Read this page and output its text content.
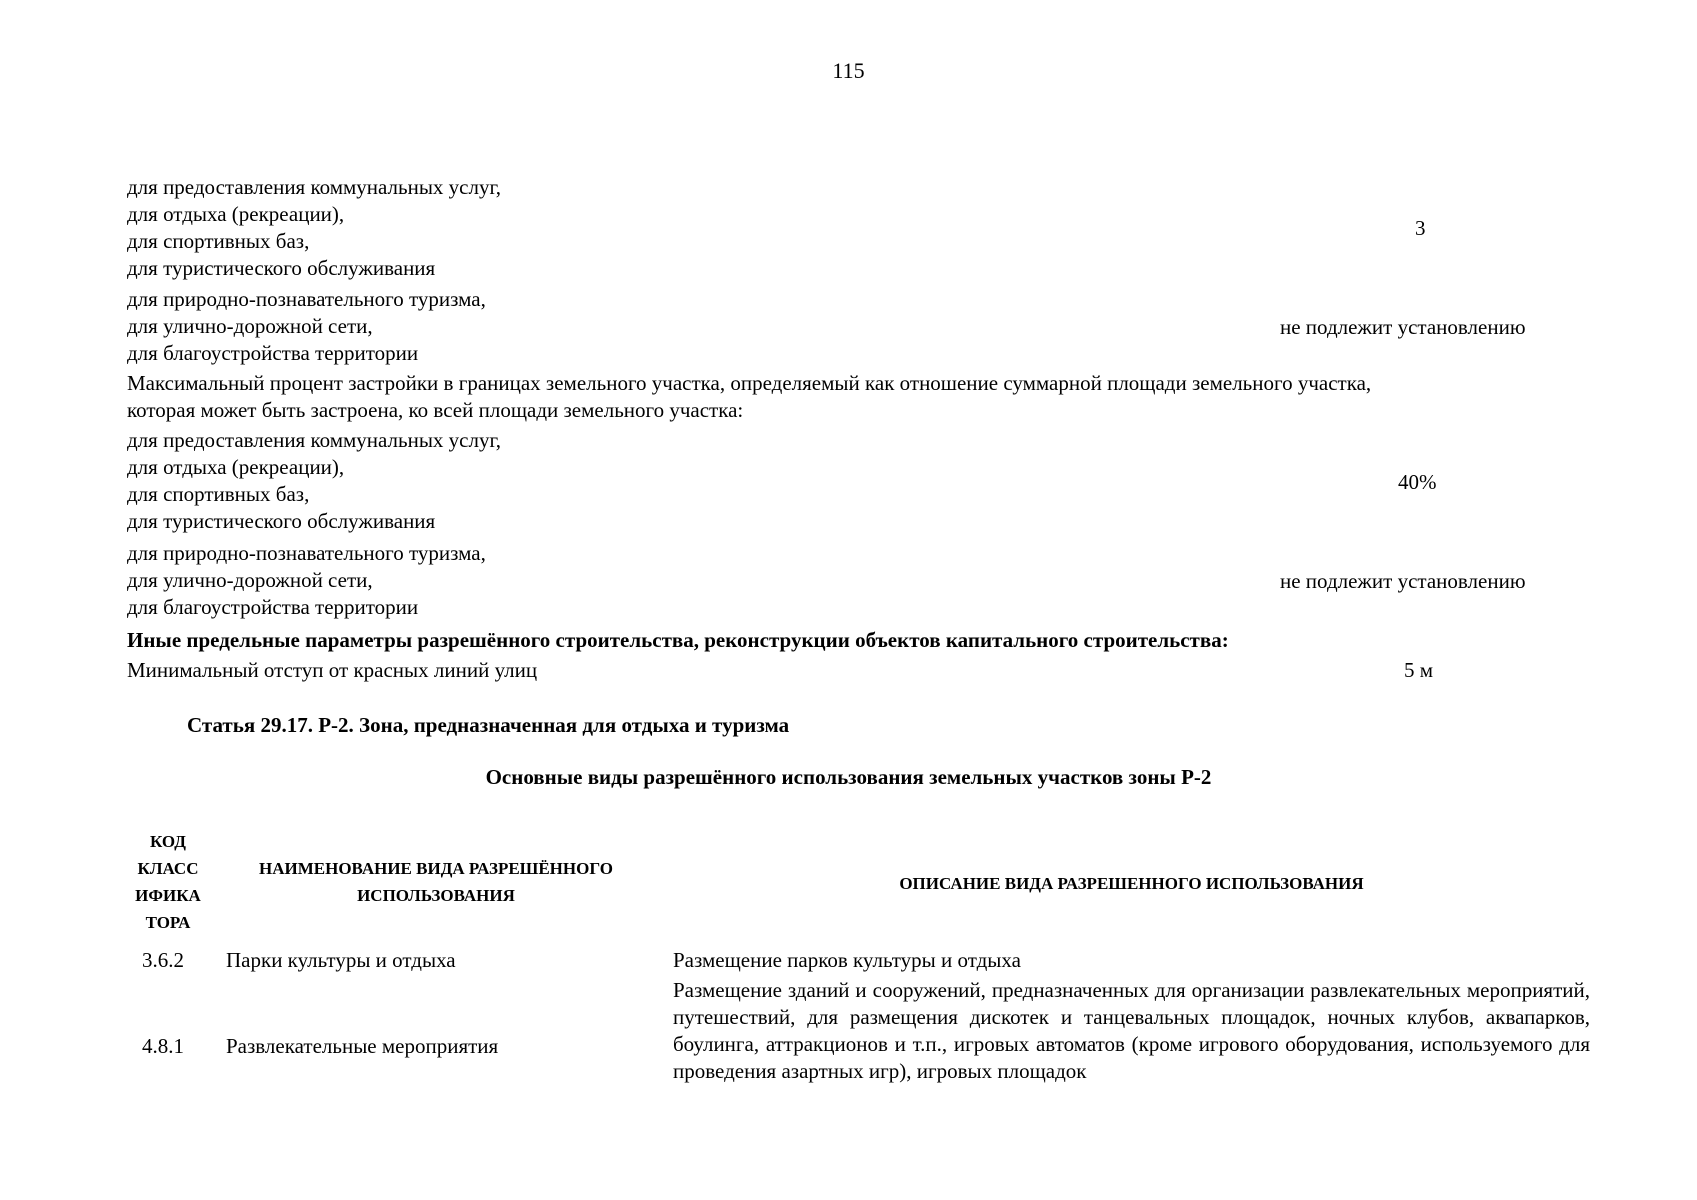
115
для предоставления коммунальных услуг,
для отдыха (рекреации),
для спортивных баз,
для туристического обслуживания
3
для природно-познавательного туризма,
для улично-дорожной сети,
для благоустройства территории
не подлежит установлению
Максимальный процент застройки в границах земельного участка, определяемый как отношение суммарной площади земельного участка,
которая может быть застроена, ко всей площади земельного участка:
для предоставления коммунальных услуг,
для отдыха (рекреации),
для спортивных баз,
для туристического обслуживания
40%
для природно-познавательного туризма,
для улично-дорожной сети,
для благоустройства территории
не подлежит установлению
Иные предельные параметры разрешённого строительства, реконструкции объектов капитального строительства:
Минимальный отступ от красных линий улиц	5 м
Статья 29.17. Р-2. Зона, предназначенная для отдыха и туризма
Основные виды разрешённого использования земельных участков зоны Р-2
КОД
КЛАСС
ИФИКА
ТОРА
НАИМЕНОВАНИЕ ВИДА РАЗРЕШЁННОГО
ИСПОЛЬЗОВАНИЯ
ОПИСАНИЕ ВИДА РАЗРЕШЕННОГО ИСПОЛЬЗОВАНИЯ
3.6.2 Парки культуры и отдыха	Размещение парков культуры и отдыха
4.8.1 Развлекательные мероприятия
Размещение зданий и сооружений, предназначенных для организации развлекательных мероприятий, путешествий, для размещения дискотек и танцевальных площадок, ночных клубов, аквапарков, боулинга, аттракционов и т.п., игровых автоматов (кроме игрового оборудования, используемого для проведения азартных игр), игровых площадок
